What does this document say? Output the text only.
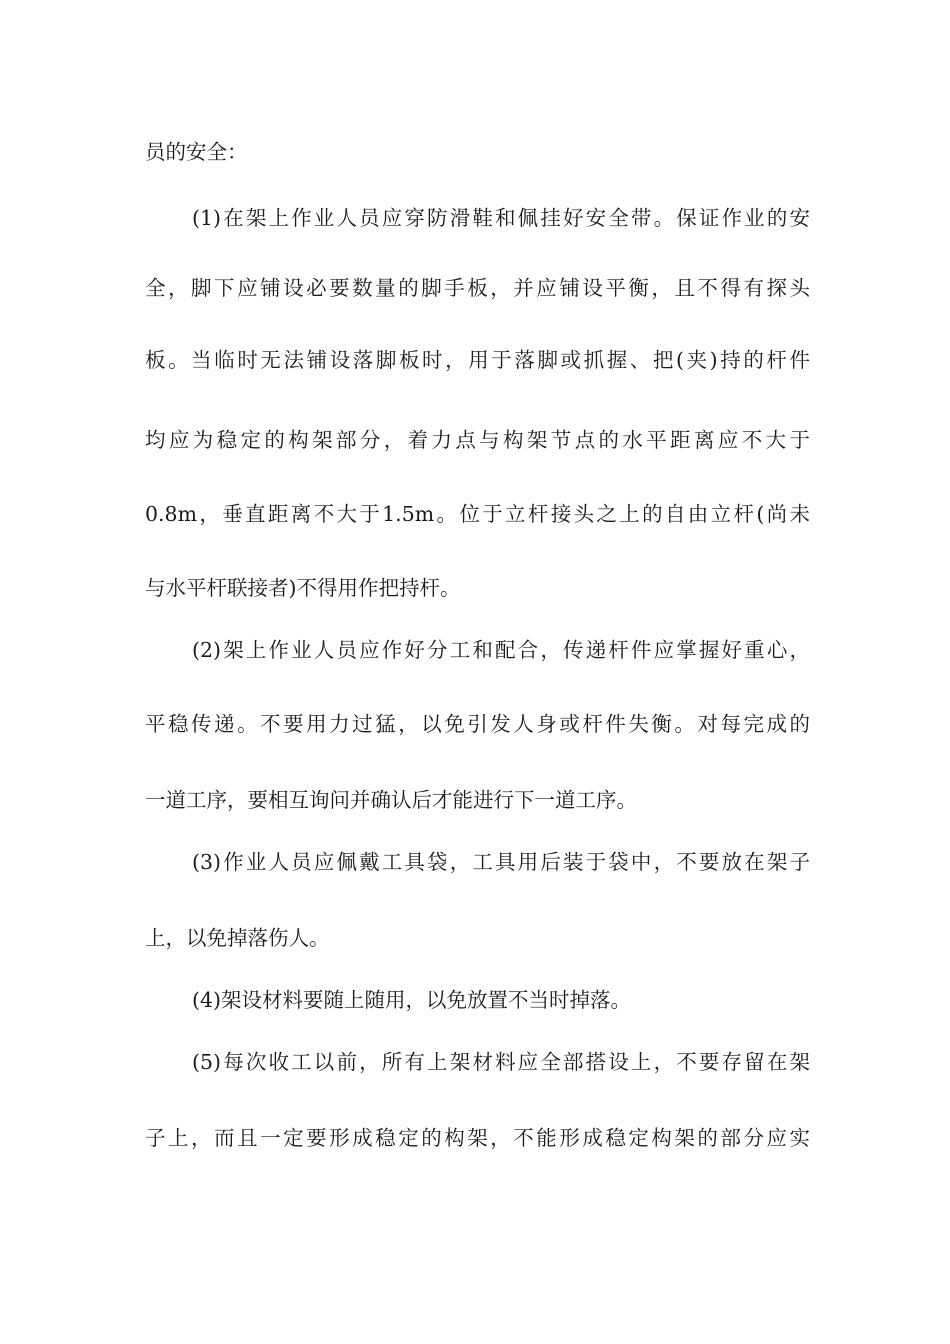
员的安全：
(1)在架上作业人员应穿防滑鞋和佩挂好安全带。保证作业的安
全，脚下应铺设必要数量的脚手板，并应铺设平衡，且不得有探头
板。当临时无法铺设落脚板时，用于落脚或抓握、把(夹)持的杆件
均应为稳定的构架部分，着力点与构架节点的水平距离应不大于
0.8m，垂直距离不大于1.5m。位于立杆接头之上的自由立杆(尚未
与水平杆联接者)不得用作把持杆。
(2)架上作业人员应作好分工和配合，传递杆件应掌握好重心，
平稳传递。不要用力过猛，以免引发人身或杆件失衡。对每完成的
一道工序，要相互询问并确认后才能进行下一道工序。
(3)作业人员应佩戴工具袋，工具用后装于袋中，不要放在架子
上，以免掉落伤人。
(4)架设材料要随上随用，以免放置不当时掉落。
(5)每次收工以前，所有上架材料应全部搭设上，不要存留在架
子上，而且一定要形成稳定的构架，不能形成稳定构架的部分应实
